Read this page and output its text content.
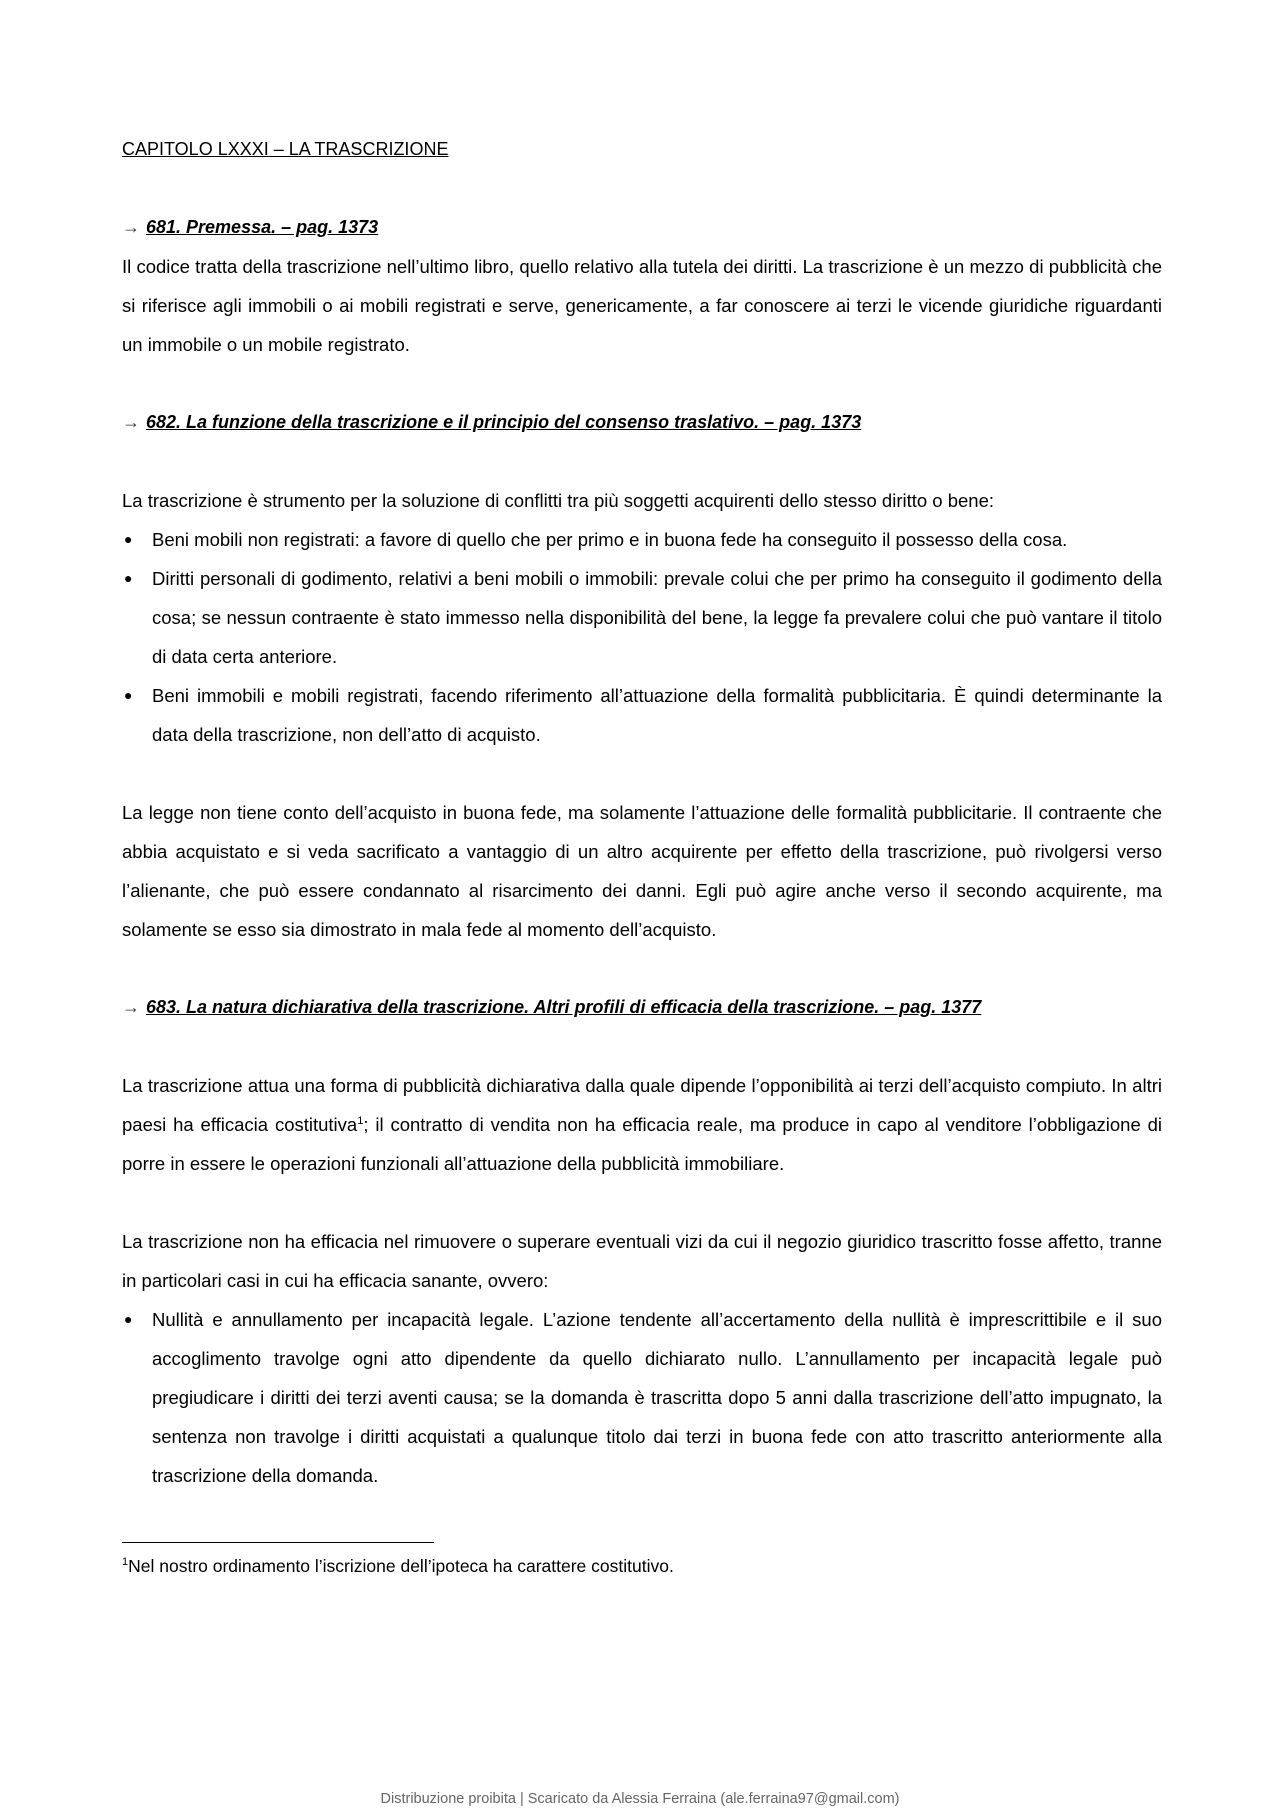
CAPITOLO LXXXI – LA TRASCRIZIONE
→ 681. Premessa. – pag. 1373

Il codice tratta della trascrizione nell’ultimo libro, quello relativo alla tutela dei diritti. La trascrizione è un mezzo di pubblicità che si riferisce agli immobili o ai mobili registrati e serve, genericamente, a far conoscere ai terzi le vicende giuridiche riguardanti un immobile o un mobile registrato.

→ 682. La funzione della trascrizione e il principio del consenso traslativo. – pag. 1373

La trascrizione è strumento per la soluzione di conflitti tra più soggetti acquirenti dello stesso diritto o bene:

● Beni mobili non registrati: a favore di quello che per primo e in buona fede ha conseguito il possesso della cosa.
● Diritti personali di godimento, relativi a beni mobili o immobili: prevale colui che per primo ha conseguito il godimento della cosa; se nessun contraente è stato immesso nella disponibilità del bene, la legge fa prevalere colui che può vantare il titolo di data certa anteriore.
● Beni immobili e mobili registrati, facendo riferimento all’attuazione della formalità pubblicitaria. È quindi determinante la data della trascrizione, non dell’atto di acquisto.

La legge non tiene conto dell’acquisto in buona fede, ma solamente l’attuazione delle formalità pubblicitarie. Il contraente che abbia acquistato e si veda sacrificato a vantaggio di un altro acquirente per effetto della trascrizione, può rivolgersi verso l’alienante, che può essere condannato al risarcimento dei danni. Egli può agire anche verso il secondo acquirente, ma solamente se esso sia dimostrato in mala fede al momento dell’acquisto.

→ 683. La natura dichiarativa della trascrizione. Altri profili di efficacia della trascrizione. – pag. 1377

La trascrizione attua una forma di pubblicità dichiarativa dalla quale dipende l’opponibilità ai terzi dell’acquisto compiuto. In altri paesi ha efficacia costitutiva$^1$; il contratto di vendita non ha efficacia reale, ma produce in capo al venditore l’obbligazione di porre in essere le operazioni funzionali all’attuazione della pubblicità immobiliare.

La trascrizione non ha efficacia nel rimuovere o superare eventuali vizi da cui il negozio giuridico trascritto fosse affetto, tranne in particolari casi in cui ha efficacia sanante, ovvero:

● Nullità e annullamento per incapacità legale. L’azione tendente all’accertamento della nullità è imprescrittibile e il suo accoglimento travolge ogni atto dipendente da quello dichiarato nullo. L’annullamento per incapacità legale può pregiudicare i diritti dei terzi aventi causa; se la domanda è trascritta dopo 5 anni dalla trascrizione dell’atto impugnato, la sentenza non travolge i diritti acquistati a qualunque titolo dai terzi in buona fede con atto trascritto anteriormente alla trascrizione della domanda.

$^1$Nel nostro ordinamento l’iscrizione dell’ipoteca ha carattere costitutivo.

Distribuzione proibita | Scaricato da Alessia Ferraina (ale.ferraina97@gmail.com)
